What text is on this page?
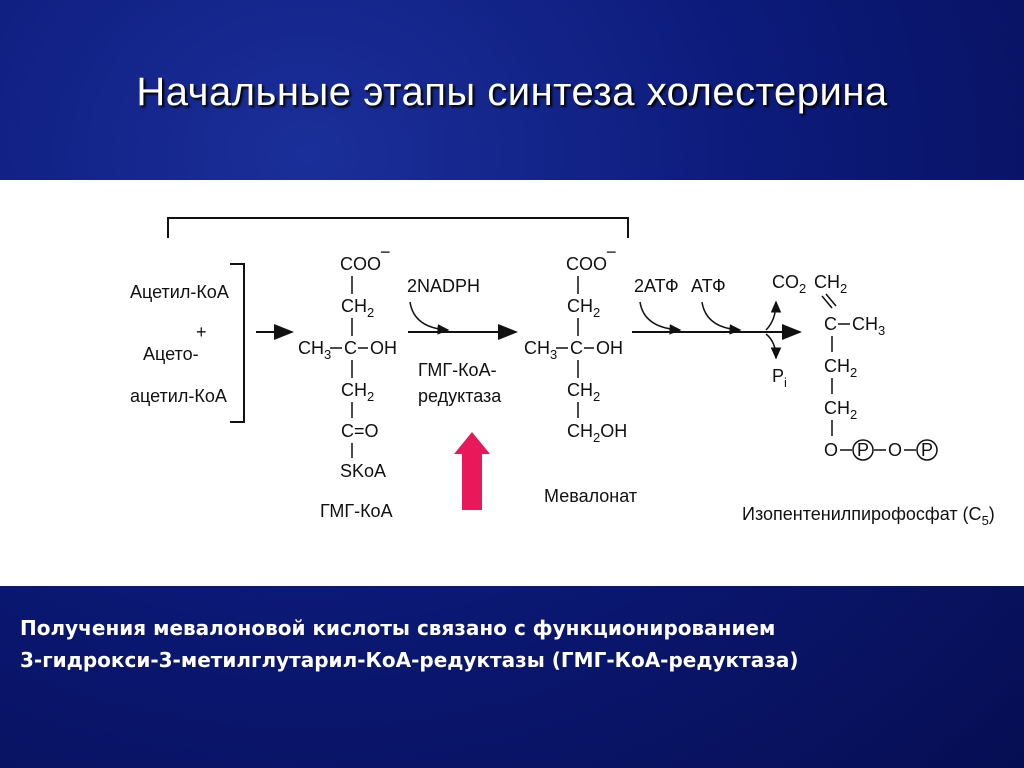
Начальные этапы синтеза холестерина
Ацетил-КоА
+
Ацето-
ацетил-КоА
COO
−
$CH_2$
$CH_3$ C OH
$CH_2$
C=O
SKoA
ГМГ-КоА
2NADPH
ГМГ-КоА-
редуктаза
COO
−
$CH_2$
$CH_3$ C OH
$CH_2$
$CH_2OH$
Мевалонат
2АТФ АТФ	$CO_2$
$P_i$
$CH_2$
C $CH_3$
$CH_2$
$CH_2$
O P O P
Изопентенилпирофосфат $(C_5)$
Получения мевалоновой кислоты связано с функционированием
3-гидрокси-3-метилглутарил-КоА-редуктазы (ГМГ-КоА-редуктаза)
